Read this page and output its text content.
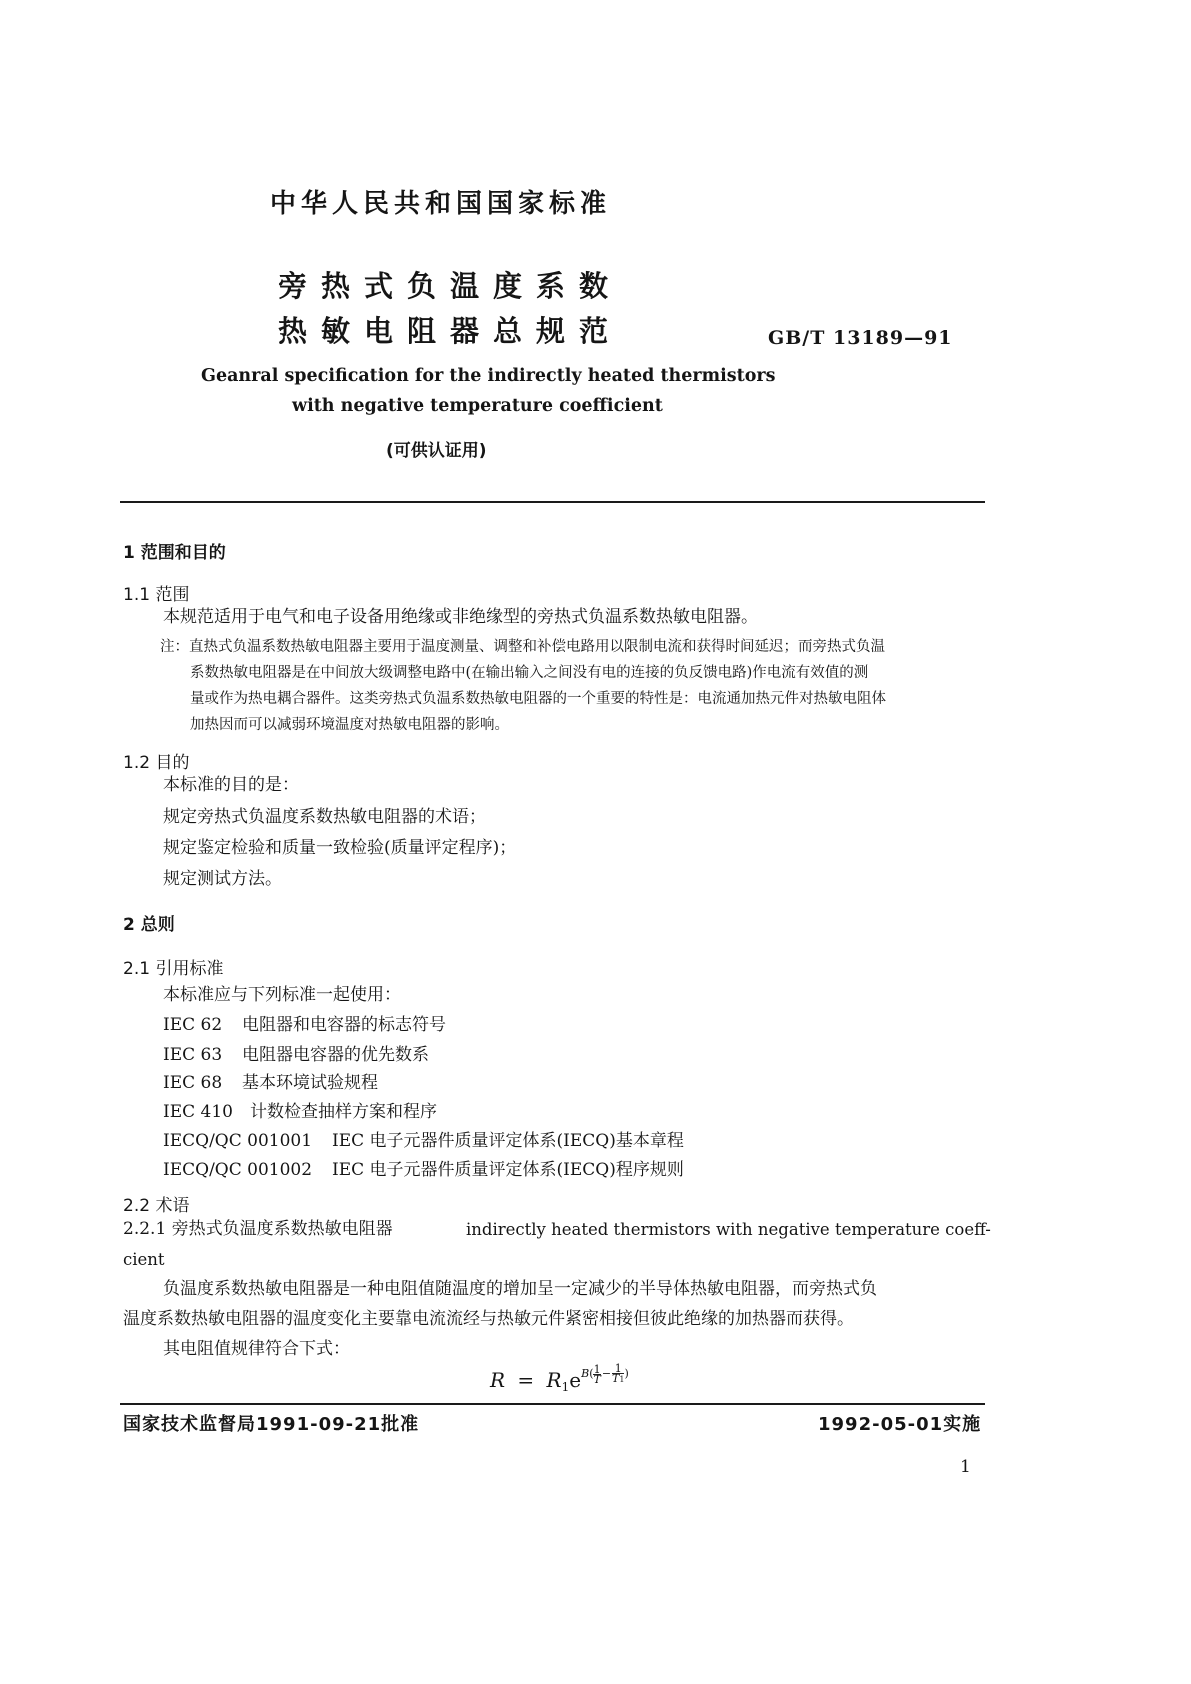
中华人民共和国国家标准
旁热式负温度系数
热敏电阻器总规范	GB/T 13189—91
Geanral specification for the indirectly heated thermistors
with negative temperature coefficient
(可供认证用)
1 范围和目的
1.1 范围
本规范适用于电气和电子设备用绝缘或非绝缘型的旁热式负温系数热敏电阻器。
注：直热式负温系数热敏电阻器主要用于温度测量、调整和补偿电路用以限制电流和获得时间延迟；而旁热式负温
系数热敏电阻器是在中间放大级调整电路中(在输出输入之间没有电的连接的负反馈电路)作电流有效值的测
量或作为热电耦合器件。这类旁热式负温系数热敏电阻器的一个重要的特性是：电流通加热元件对热敏电阻体
加热因而可以减弱环境温度对热敏电阻器的影响。
1.2 目的
本标准的目的是：
规定旁热式负温度系数热敏电阻器的术语；
规定鉴定检验和质量一致检验(质量评定程序)；
规定测试方法。
2 总则
2.1 引用标准
本标准应与下列标准一起使用：
IEC 62 电阻器和电容器的标志符号
IEC 63 电阻器电容器的优先数系
IEC 68 基本环境试验规程
IEC 410 计数检查抽样方案和程序
IECQ/QC 001001 IEC 电子元器件质量评定体系(IECQ)基本章程
IECQ/QC 001002 IEC 电子元器件质量评定体系(IECQ)程序规则
2.2 术语
2.2.1 旁热式负温度系数热敏电阻器	indirectly heated thermistors with negative temperature coeff-
cient
负温度系数热敏电阻器是一种电阻值随温度的增加呈一定减少的半导体热敏电阻器，而旁热式负
温度系数热敏电阻器的温度变化主要靠电流流经与热敏元件紧密相接但彼此绝缘的加热器而获得。
其电阻值规律符合下式：
$R = R_1eB( \frac{1}{T} - \frac{1}{T1}$ )
国家技术监督局1991-09-21批准	1992-05-01实施
1
